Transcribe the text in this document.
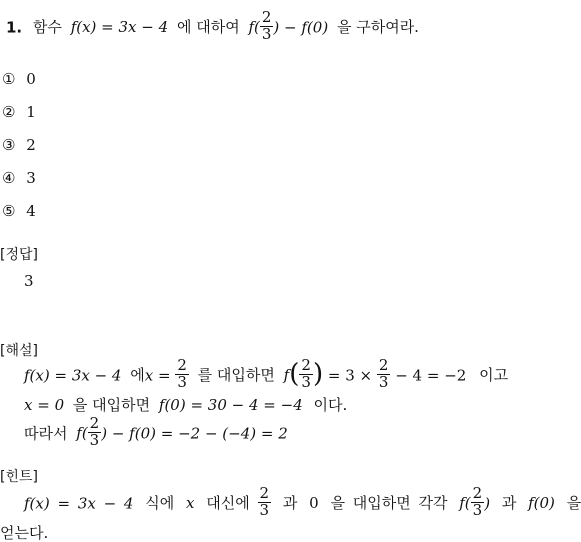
1. 함수 f(x) = 3x − 4 에 대하여 $f( \frac{2}{3}$ ) − f(0) 을 구하여라.
① 0
② 1
③ 2
④ 3
⑤ 4
[정답]
3
[해설]
f(x) = 3x − 4 에$x = \frac{2}{3}$ 를 대입하면 $f( \frac{2}{3}$ ) = $3 \times \frac{2}{3} - 4 = -2$ 이고
x = 0 을 대입하면 f(0) = 30 − 4 = −4 이다.
따라서 $f( \frac{2}{3}$ ) − f(0) = −2 − (−4) = 2
[힌트]
f(x) = 3x − 4 식에 x 대신에 $\frac{2}{3}$ 과 0 을 대입하면 각각 $f( \frac{2}{3}$ ) 과 f(0) 을
얻는다.
